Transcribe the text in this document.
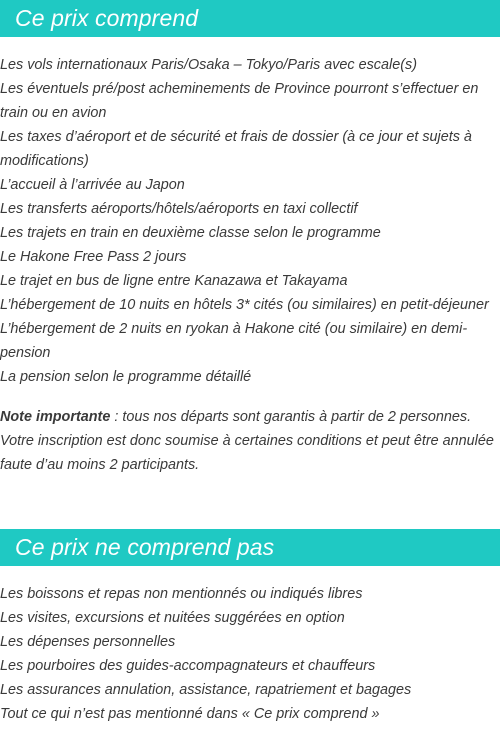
Ce prix comprend
Les vols internationaux Paris/Osaka – Tokyo/Paris avec escale(s)
Les éventuels pré/post acheminements de Province pourront s’effectuer en train ou en avion
Les taxes d’aéroport et de sécurité et frais de dossier (à ce jour et sujets à modifications)
L’accueil à l’arrivée au Japon
Les transferts aéroports/hôtels/aéroports en taxi collectif
Les trajets en train en deuxième classe selon le programme
Le Hakone Free Pass 2 jours
Le trajet en bus de ligne entre Kanazawa et Takayama
L’hébergement de 10 nuits en hôtels 3* cités (ou similaires) en petit-déjeuner
L’hébergement de 2 nuits en ryokan à Hakone cité (ou similaire) en demi-pension
La pension selon le programme détaillé

Note importante : tous nos départs sont garantis à partir de 2 personnes. Votre inscription est donc soumise à certaines conditions et peut être annulée faute d’au moins 2 participants.

Ce prix ne comprend pas
Les boissons et repas non mentionnés ou indiqués libres
Les visites, excursions et nuitées suggérées en option
Les dépenses personnelles
Les pourboires des guides-accompagnateurs et chauffeurs
Les assurances annulation, assistance, rapatriement et bagages
Tout ce qui n’est pas mentionné dans « Ce prix comprend »
